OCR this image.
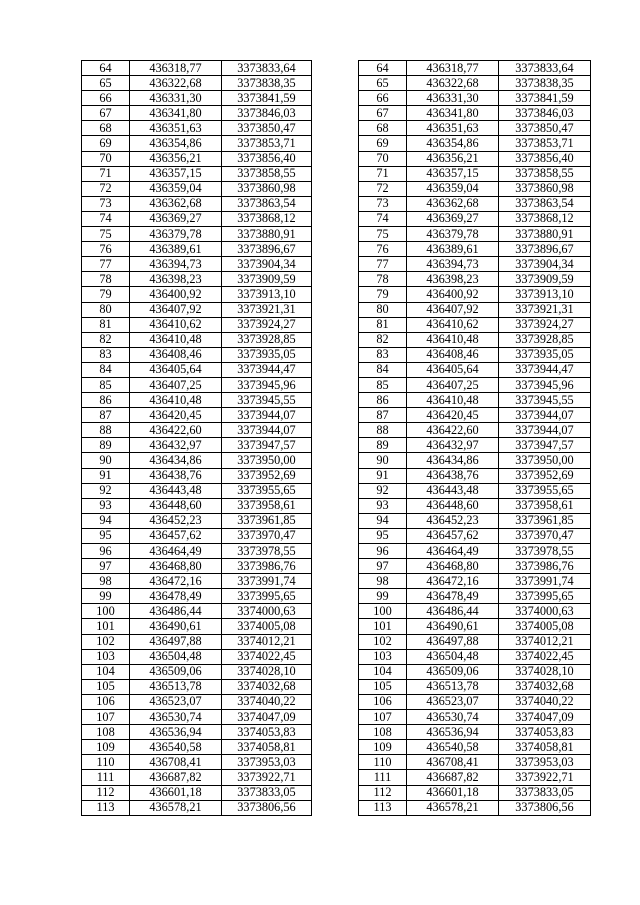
64	436318,77	3373833,64
65	436322,68	3373838,35
66	436331,30	3373841,59
67	436341,80	3373846,03
68	436351,63	3373850,47
69	436354,86	3373853,71
70	436356,21	3373856,40
71	436357,15	3373858,55
72	436359,04	3373860,98
73	436362,68	3373863,54
74	436369,27	3373868,12
75	436379,78	3373880,91
76	436389,61	3373896,67
77	436394,73	3373904,34
78	436398,23	3373909,59
79	436400,92	3373913,10
80	436407,92	3373921,31
81	436410,62	3373924,27
82	436410,48	3373928,85
83	436408,46	3373935,05
84	436405,64	3373944,47
85	436407,25	3373945,96
86	436410,48	3373945,55
87	436420,45	3373944,07
88	436422,60	3373944,07
89	436432,97	3373947,57
90	436434,86	3373950,00
91	436438,76	3373952,69
92	436443,48	3373955,65
93	436448,60	3373958,61
94	436452,23	3373961,85
95	436457,62	3373970,47
96	436464,49	3373978,55
97	436468,80	3373986,76
98	436472,16	3373991,74
99	436478,49	3373995,65
100	436486,44	3374000,63
101	436490,61	3374005,08
102	436497,88	3374012,21
103	436504,48	3374022,45
104	436509,06	3374028,10
105	436513,78	3374032,68
106	436523,07	3374040,22
107	436530,74	3374047,09
108	436536,94	3374053,83
109	436540,58	3374058,81
110	436708,41	3373953,03
111	436687,82	3373922,71
112	436601,18	3373833,05
113	436578,21	3373806,56
64	436318,77	3373833,64
65	436322,68	3373838,35
66	436331,30	3373841,59
67	436341,80	3373846,03
68	436351,63	3373850,47
69	436354,86	3373853,71
70	436356,21	3373856,40
71	436357,15	3373858,55
72	436359,04	3373860,98
73	436362,68	3373863,54
74	436369,27	3373868,12
75	436379,78	3373880,91
76	436389,61	3373896,67
77	436394,73	3373904,34
78	436398,23	3373909,59
79	436400,92	3373913,10
80	436407,92	3373921,31
81	436410,62	3373924,27
82	436410,48	3373928,85
83	436408,46	3373935,05
84	436405,64	3373944,47
85	436407,25	3373945,96
86	436410,48	3373945,55
87	436420,45	3373944,07
88	436422,60	3373944,07
89	436432,97	3373947,57
90	436434,86	3373950,00
91	436438,76	3373952,69
92	436443,48	3373955,65
93	436448,60	3373958,61
94	436452,23	3373961,85
95	436457,62	3373970,47
96	436464,49	3373978,55
97	436468,80	3373986,76
98	436472,16	3373991,74
99	436478,49	3373995,65
100	436486,44	3374000,63
101	436490,61	3374005,08
102	436497,88	3374012,21
103	436504,48	3374022,45
104	436509,06	3374028,10
105	436513,78	3374032,68
106	436523,07	3374040,22
107	436530,74	3374047,09
108	436536,94	3374053,83
109	436540,58	3374058,81
110	436708,41	3373953,03
111	436687,82	3373922,71
112	436601,18	3373833,05
113	436578,21	3373806,56
